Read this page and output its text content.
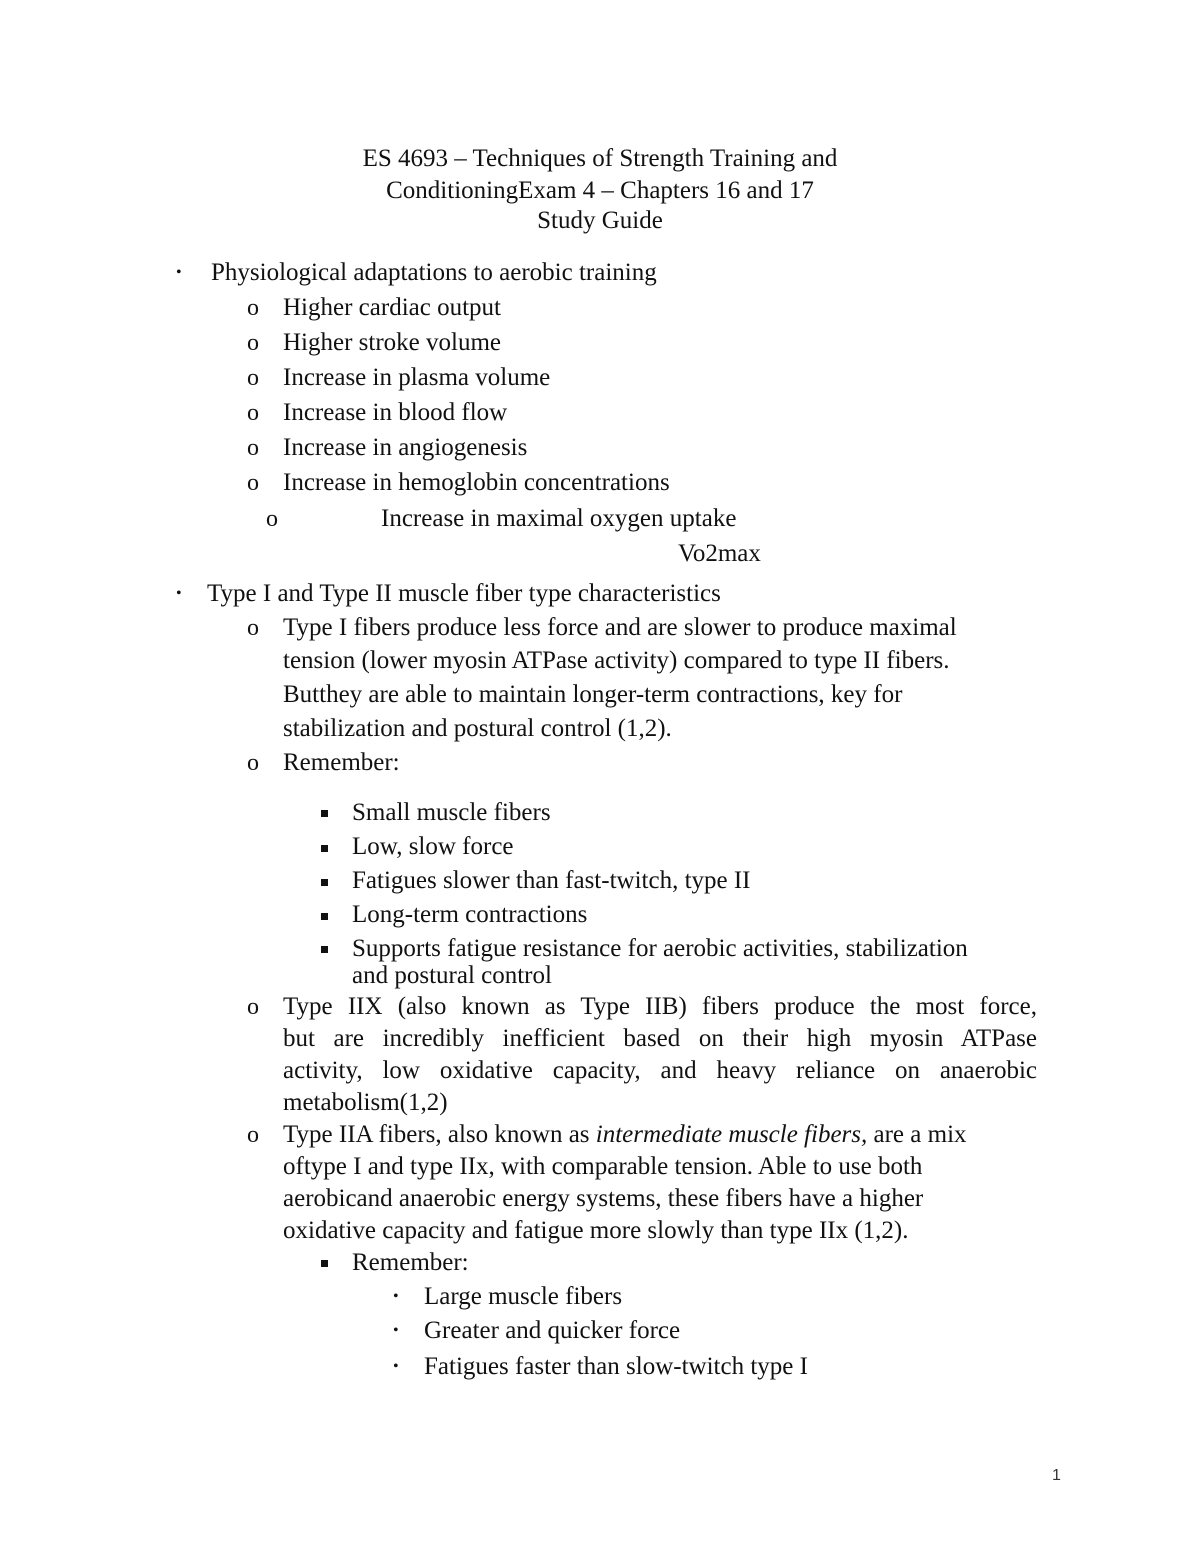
ES 4693 – Techniques of Strength Training and
ConditioningExam 4 – Chapters 16 and 17
Study Guide
• Physiological adaptations to aerobic training
o Higher cardiac output
o Higher stroke volume
o Increase in plasma volume
o Increase in blood flow
o Increase in angiogenesis
o Increase in hemoglobin concentrations
o	Increase in maximal oxygen uptake
Vo2max
• Type I and Type II muscle fiber type characteristics
o Type I fibers produce less force and are slower to produce maximal
tension (lower myosin ATPase activity) compared to type II fibers.
Butthey are able to maintain longer-term contractions, key for
stabilization and postural control (1,2).
o Remember:
Small muscle fibers
Low, slow force
Fatigues slower than fast-twitch, type II
Long-term contractions
Supports fatigue resistance for aerobic activities, stabilization
and postural control
o Type IIX (also known as Type IIB) fibers produce the most force,
but are incredibly inefficient based on their high myosin ATPase
activity, low oxidative capacity, and heavy reliance on anaerobic
metabolism(1,2)
o Type IIA fibers, also known as intermediate muscle fibers, are a mix
oftype I and type IIx, with comparable tension. Able to use both
aerobicand anaerobic energy systems, these fibers have a higher
oxidative capacity and fatigue more slowly than type IIx (1,2).
Remember:
• Large muscle fibers
• Greater and quicker force
• Fatigues faster than slow-twitch type I
1
